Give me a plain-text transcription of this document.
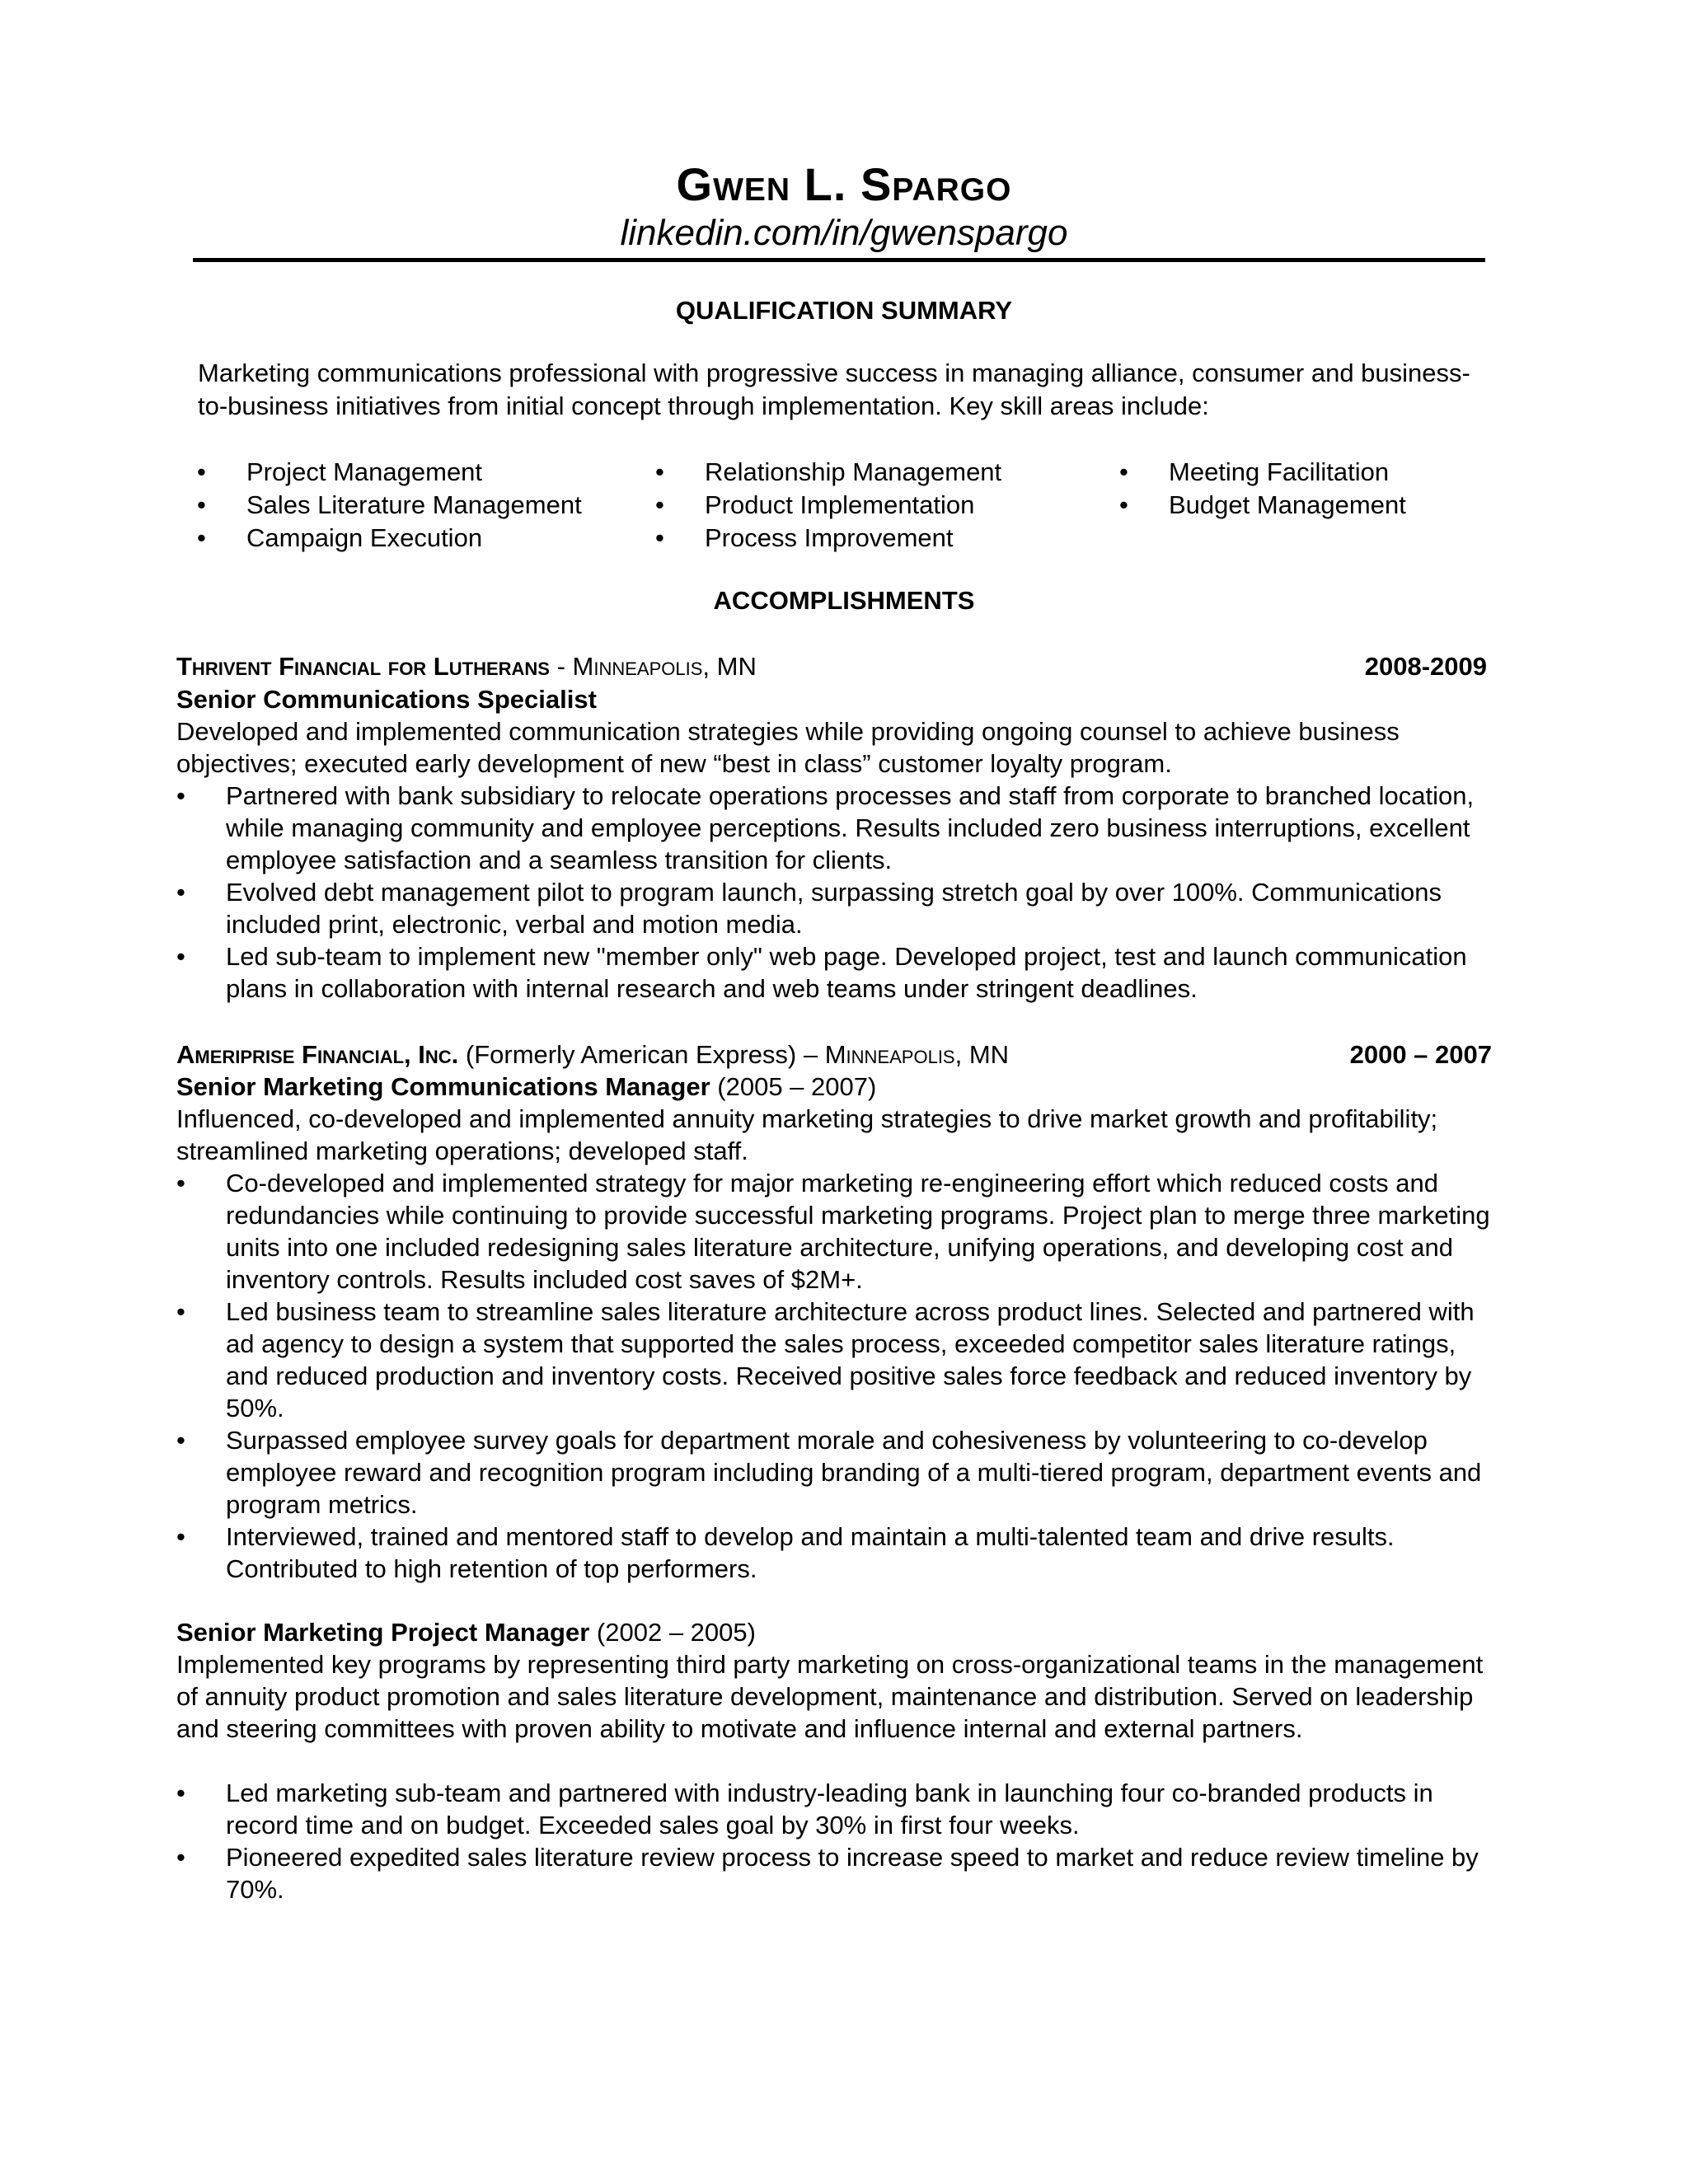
Gwen L. Spargo
linkedin.com/in/gwenspargo
QUALIFICATION SUMMARY
Marketing communications professional with progressive success in managing alliance, consumer and business-to-business initiatives from initial concept through implementation. Key skill areas include:
• Project Management
• Sales Literature Management
• Campaign Execution
• Relationship Management
• Product Implementation
• Process Improvement
• Meeting Facilitation
• Budget Management
ACCOMPLISHMENTS
Thrivent Financial for Lutherans - Minneapolis, MN	2008-2009
Senior Communications Specialist
Developed and implemented communication strategies while providing ongoing counsel to achieve business objectives; executed early development of new “best in class” customer loyalty program.
• Partnered with bank subsidiary to relocate operations processes and staff from corporate to branched location, while managing community and employee perceptions. Results included zero business interruptions, excellent employee satisfaction and a seamless transition for clients.
• Evolved debt management pilot to program launch, surpassing stretch goal by over 100%. Communications included print, electronic, verbal and motion media.
• Led sub-team to implement new "member only" web page. Developed project, test and launch communication plans in collaboration with internal research and web teams under stringent deadlines.
Ameriprise Financial, Inc. (Formerly American Express) – Minneapolis, MN	2000 – 2007
Senior Marketing Communications Manager (2005 – 2007)
Influenced, co-developed and implemented annuity marketing strategies to drive market growth and profitability; streamlined marketing operations; developed staff.
• Co-developed and implemented strategy for major marketing re-engineering effort which reduced costs and redundancies while continuing to provide successful marketing programs. Project plan to merge three marketing units into one included redesigning sales literature architecture, unifying operations, and developing cost and inventory controls. Results included cost saves of $2M+.
• Led business team to streamline sales literature architecture across product lines. Selected and partnered with ad agency to design a system that supported the sales process, exceeded competitor sales literature ratings, and reduced production and inventory costs. Received positive sales force feedback and reduced inventory by 50%.
• Surpassed employee survey goals for department morale and cohesiveness by volunteering to co-develop employee reward and recognition program including branding of a multi-tiered program, department events and program metrics.
• Interviewed, trained and mentored staff to develop and maintain a multi-talented team and drive results. Contributed to high retention of top performers.
Senior Marketing Project Manager (2002 – 2005)
Implemented key programs by representing third party marketing on cross-organizational teams in the management of annuity product promotion and sales literature development, maintenance and distribution. Served on leadership and steering committees with proven ability to motivate and influence internal and external partners.
• Led marketing sub-team and partnered with industry-leading bank in launching four co-branded products in record time and on budget. Exceeded sales goal by 30% in first four weeks.
• Pioneered expedited sales literature review process to increase speed to market and reduce review timeline by 70%.
